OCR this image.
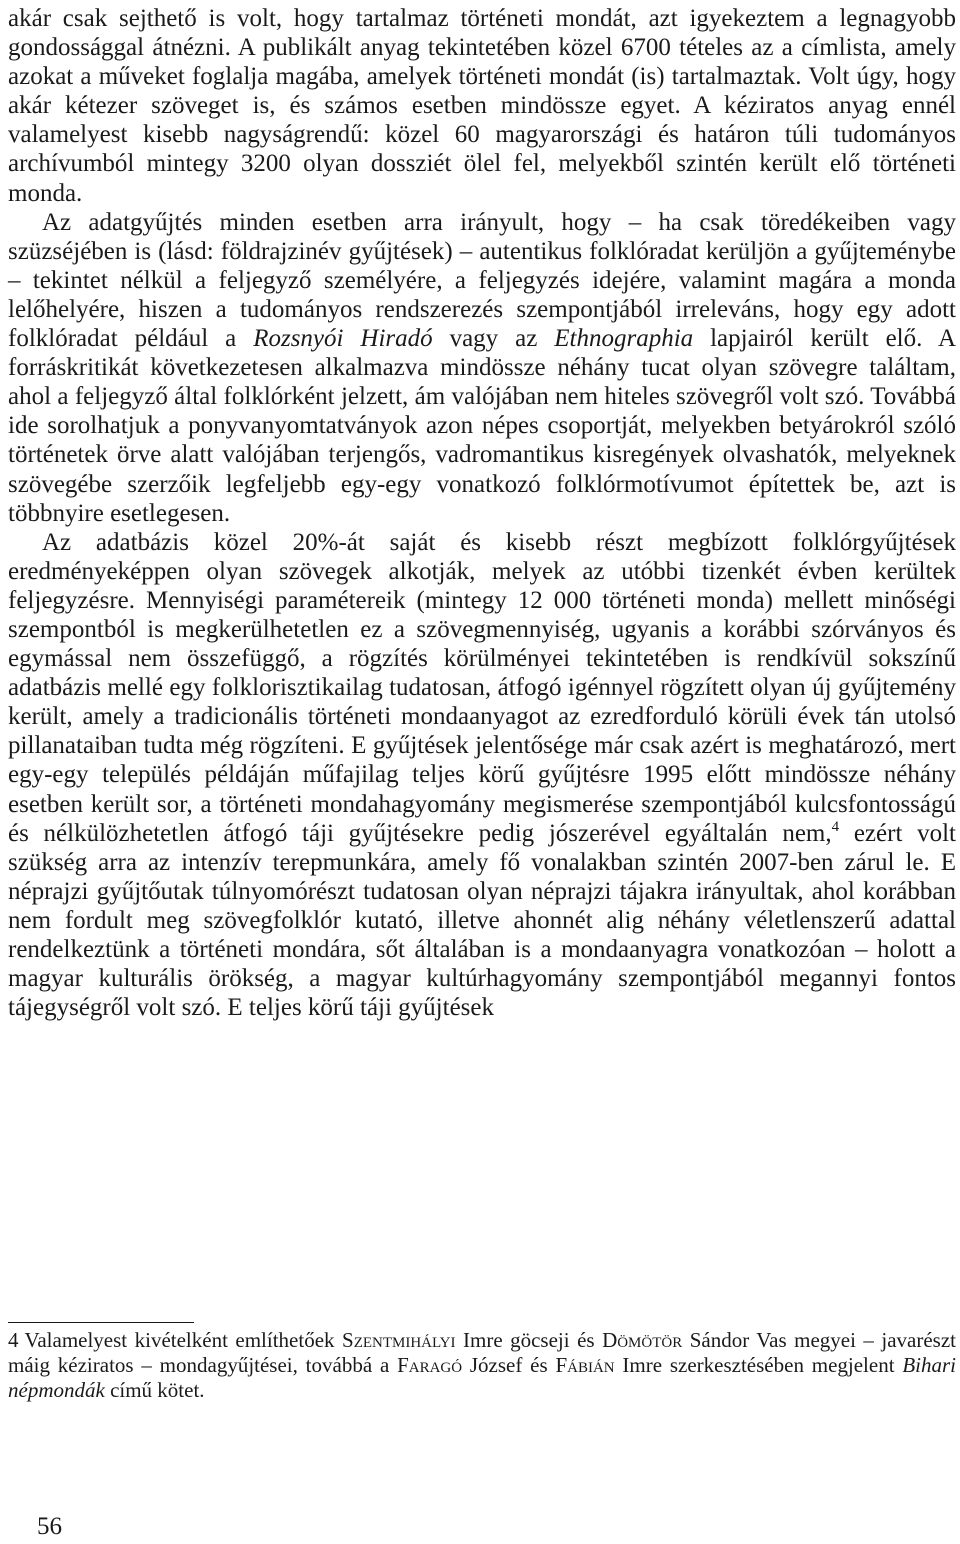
akár csak sejthető is volt, hogy tartalmaz történeti mondát, azt igyekeztem a legnagyobb gondossággal átnézni. A publikált anyag tekintetében közel 6700 tételes az a címlista, amely azokat a műveket foglalja magába, amelyek történeti mondát (is) tartalmaztak. Volt úgy, hogy akár kétezer szöveget is, és számos esetben mindössze egyet. A kéziratos anyag ennél valamelyest kisebb nagyságrendű: közel 60 magyarországi és határon túli tudományos archívumból mintegy 3200 olyan dossziét ölel fel, melyekből szintén került elő történeti monda.

Az adatgyűjtés minden esetben arra irányult, hogy – ha csak töredékeiben vagy szüzséjében is (lásd: földrajzinév gyűjtések) – autentikus folklóradat kerüljön a gyűjteménybe – tekintet nélkül a feljegyző személyére, a feljegyzés idejére, valamint magára a monda lelőhelyére, hiszen a tudományos rendszerezés szempontjából irreleváns, hogy egy adott folklóradat például a Rozsnyói Hiradó vagy az Ethnographia lapjairól került elő. A forráskritikát következetesen alkalmazva mindössze néhány tucat olyan szövegre találtam, ahol a feljegyző által folklórként jelzett, ám valójában nem hiteles szövegről volt szó. Továbbá ide sorolhatjuk a ponyvanyomtatványok azon népes csoportját, melyekben betyárokról szóló történetek örve alatt valójában terjengős, vadromantikus kisregények olvashatók, melyeknek szövegébe szerzőik legfeljebb egy-egy vonatkozó folklórmotívumot építettek be, azt is többnyire esetlegesen.

Az adatbázis közel 20%-át saját és kisebb részt megbízott folklórgyűjtések eredményeképpen olyan szövegek alkotják, melyek az utóbbi tizenkét évben kerültek feljegyzésre. Mennyiségi paramétereik (mintegy 12 000 történeti monda) mellett minőségi szempontból is megkerülhetetlen ez a szövegmennyiség, ugyanis a korábbi szórványos és egymással nem összefüggő, a rögzítés körülményei tekintetében is rendkívül sokszínű adatbázis mellé egy folklorisztikailag tudatosan, átfogó igénnyel rögzített olyan új gyűjtemény került, amely a tradicionális történeti mondaanyagot az ezredforduló körüli évek tán utolsó pillanataiban tudta még rögzíteni. E gyűjtések jelentősége már csak azért is meghatározó, mert egy-egy település példáján műfajilag teljes körű gyűjtésre 1995 előtt mindössze néhány esetben került sor, a történeti mondahagyomány megismerése szempontjából kulcsfontosságú és nélkülözhetetlen átfogó táji gyűjtésekre pedig jószerével egyáltalán nem,$^4$ ezért volt szükség arra az intenzív terepmunkára, amely fő vonalakban szintén 2007-ben zárul le. E néprajzi gyűjtőutak túlnyomórészt tudatosan olyan néprajzi tájakra irányultak, ahol korábban nem fordult meg szövegfolklór kutató, illetve ahonnét alig néhány véletlenszerű adattal rendelkeztünk a történeti mondára, sőt általában is a mondaanyagra vonatkozóan – holott a magyar kulturális örökség, a magyar kultúrhagyomány szempontjából megannyi fontos tájegységről volt szó. E teljes körű táji gyűjtések

4 Valamelyest kivételként említhetőek Szentmihályi Imre göcseji és Dömötör Sándor Vas megyei – javarészt máig kéziratos – mondagyűjtései, továbbá a Faragó József és Fábián Imre szerkesztésében megjelent Bihari népmondák című kötet.

56
